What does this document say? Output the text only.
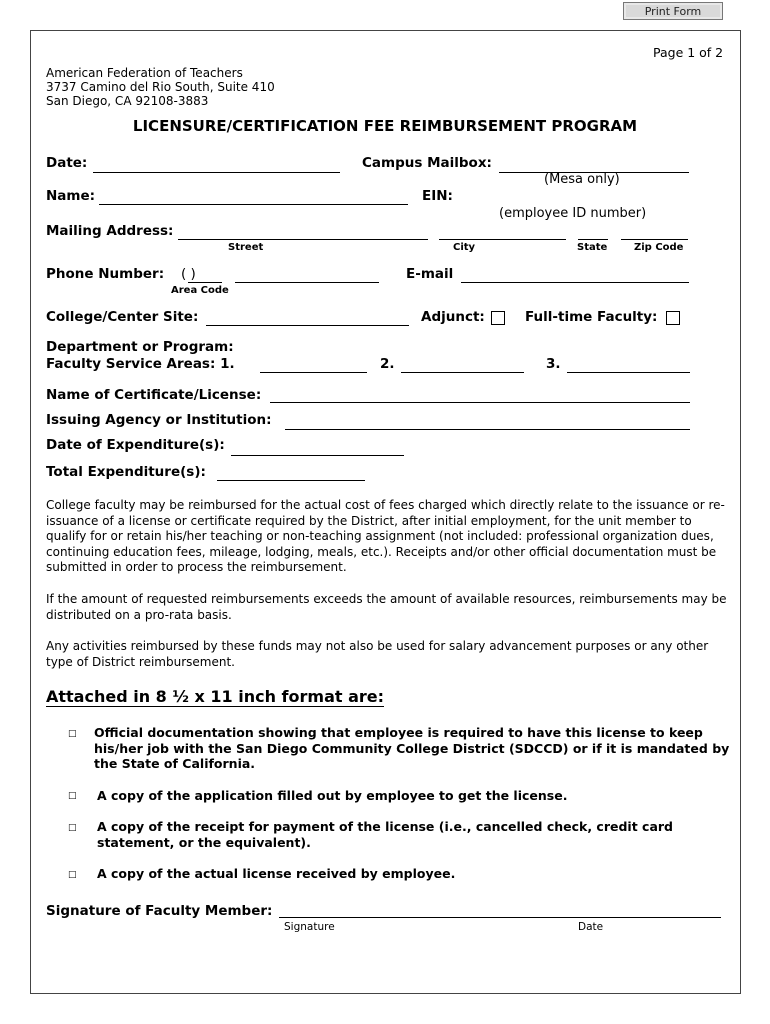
Print Form
Page 1 of 2
American Federation of Teachers
3737 Camino del Rio South, Suite 410
San Diego, CA 92108-3883
LICENSURE/CERTIFICATION FEE REIMBURSEMENT PROGRAM
Date:	Campus Mailbox:
(Mesa only)
Name:	EIN:
(employee ID number)
Mailing Address:
Street	City	State	Zip Code
Phone Number: ( )
Area Code
E-mail
College/Center Site:	Adjunct:	Full-time Faculty:
Department or Program:
Faculty Service Areas: 1.	2.	3.
Name of Certificate/License:
Issuing Agency or Institution:
Date of Expenditure(s):
Total Expenditure(s):

College faculty may be reimbursed for the actual cost of fees charged which directly relate to the issuance or re-issuance of a license or certificate required by the District, after initial employment, for the unit member to qualify for or retain his/her teaching or non-teaching assignment (not included: professional organization dues, continuing education fees, mileage, lodging, meals, etc.). Receipts and/or other official documentation must be submitted in order to process the reimbursement.

If the amount of requested reimbursements exceeds the amount of available resources, reimbursements may be distributed on a pro-rata basis.

Any activities reimbursed by these funds may not also be used for salary advancement purposes or any other type of District reimbursement.

Attached in 8 ½ x 11 inch format are:
□ Official documentation showing that employee is required to have this license to keep his/her job with the San Diego Community College District (SDCCD) or if it is mandated by the State of California.
□ A copy of the application filled out by employee to get the license.
□ A copy of the receipt for payment of the license (i.e., cancelled check, credit card statement, or the equivalent).
□ A copy of the actual license received by employee.
Signature of Faculty Member:
Signature	Date
